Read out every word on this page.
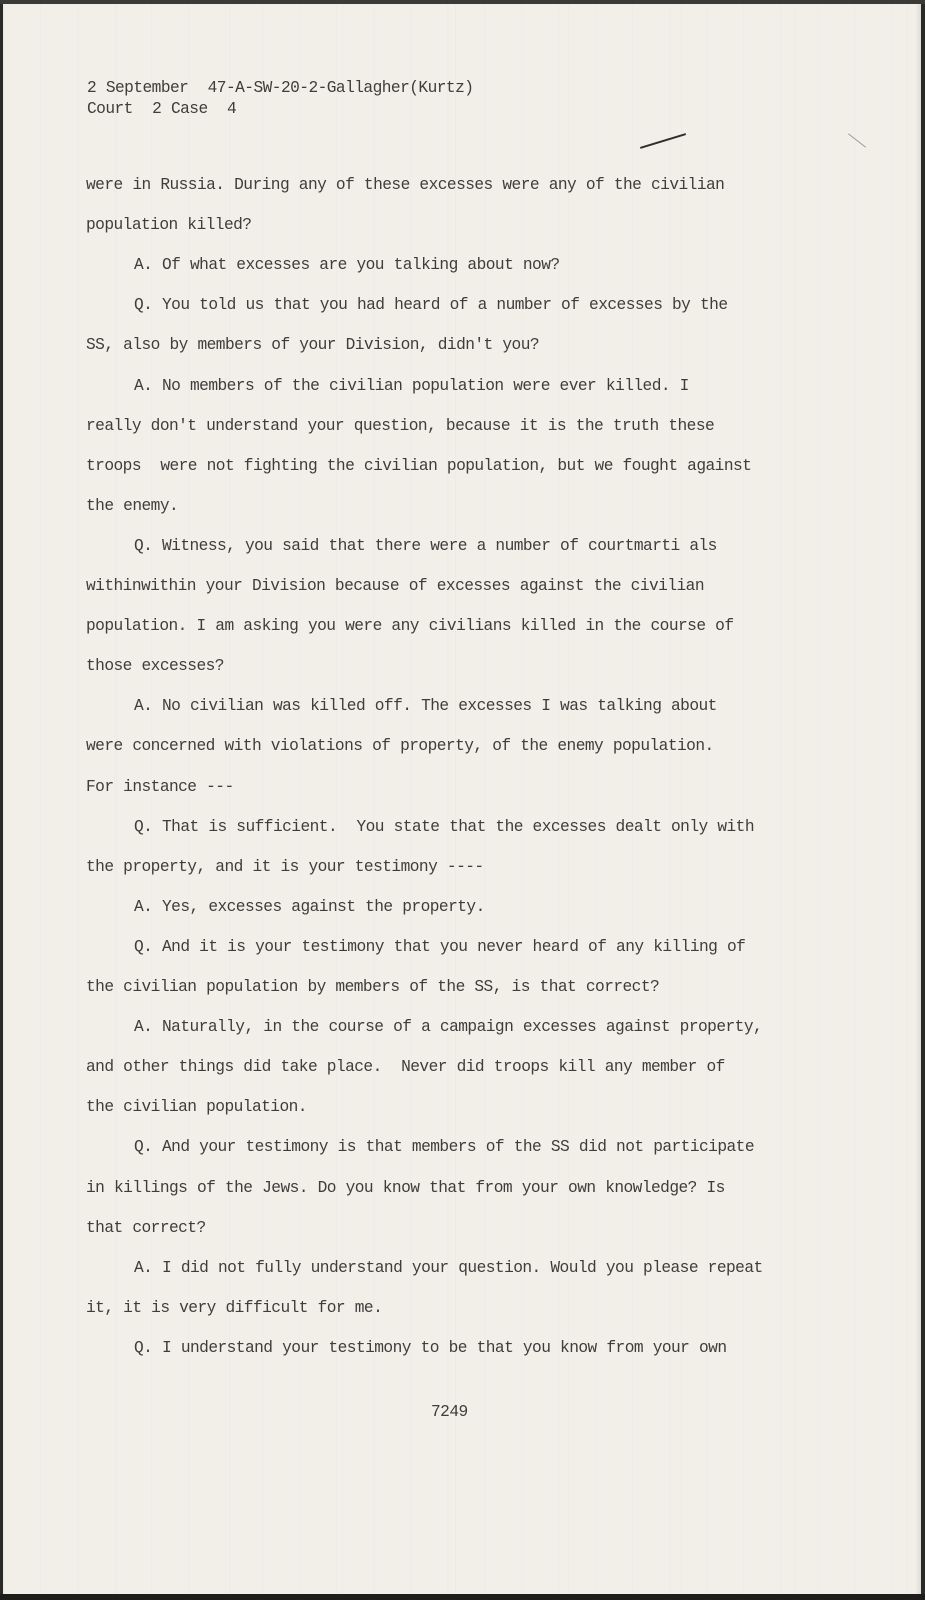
2 September  47-A-SW-20-2-Gallagher(Kurtz)
Court  2 Case  4
were in Russia. During any of these excesses were any of the civilian
population killed?
A. Of what excesses are you talking about now?
Q. You told us that you had heard of a number of excesses by the
SS, also by members of your Division, didn't you?
A. No members of the civilian population were ever killed. I
really don't understand your question, because it is the truth these
troops  were not fighting the civilian population, but we fought against
the enemy.
Q. Witness, you said that there were a number of courtmarti als
withinwithin your Division because of excesses against the civilian
population. I am asking you were any civilians killed in the course of
those excesses?
A. No civilian was killed off. The excesses I was talking about
were concerned with violations of property, of the enemy population.
For instance ---
Q. That is sufficient.  You state that the excesses dealt only with
the property, and it is your testimony ----
A. Yes, excesses against the property.
Q. And it is your testimony that you never heard of any killing of
the civilian population by members of the SS, is that correct?
A. Naturally, in the course of a campaign excesses against property,
and other things did take place.  Never did troops kill any member of
the civilian population.
Q. And your testimony is that members of the SS did not participate
in killings of the Jews. Do you know that from your own knowledge? Is
that correct?
A. I did not fully understand your question. Would you please repeat
it, it is very difficult for me.
Q. I understand your testimony to be that you know from your own
7249
